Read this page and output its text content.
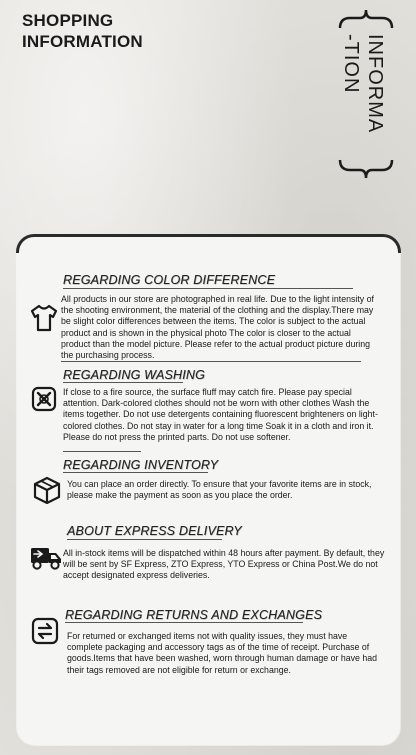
SHOPPING
INFORMATION	INFORMA
-TION
REGARDING COLOR DIFFERENCE
All products in our store are photographed in real life. Due to the light intensity of the shooting environment, the material of the clothing and the display.There may be slight color differences between the items. The color is subject to the actual product and is shown in the physical photo The color is closer to the actual product than the model picture. Please refer to the actual product picture during the purchasing process.
REGARDING WASHING
If close to a fire source, the surface fluff may catch fire. Please pay special attention. Dark-colored clothes should not be worn with other clothes Wash the items together. Do not use detergents containing fluorescent brighteners on light-colored clothes. Do not stay in water for a long time Soak it in a cloth and iron it. Please do not press the printed parts. Do not use softener.
REGARDING INVENTORY
You can place an order directly. To ensure that your favorite items are in stock, please make the payment as soon as you place the order.
ABOUT EXPRESS DELIVERY
All in-stock items will be dispatched within 48 hours after payment. By default, they will be sent by SF Express, ZTO Express, YTO Express or China Post.We do not accept designated express deliveries.
REGARDING RETURNS AND EXCHANGES
For returned or exchanged items not with quality issues, they must have complete packaging and accessory tags as of the time of receipt. Purchase of goods.Items that have been washed, worn through human damage or have had their tags removed are not eligible for return or exchange.
